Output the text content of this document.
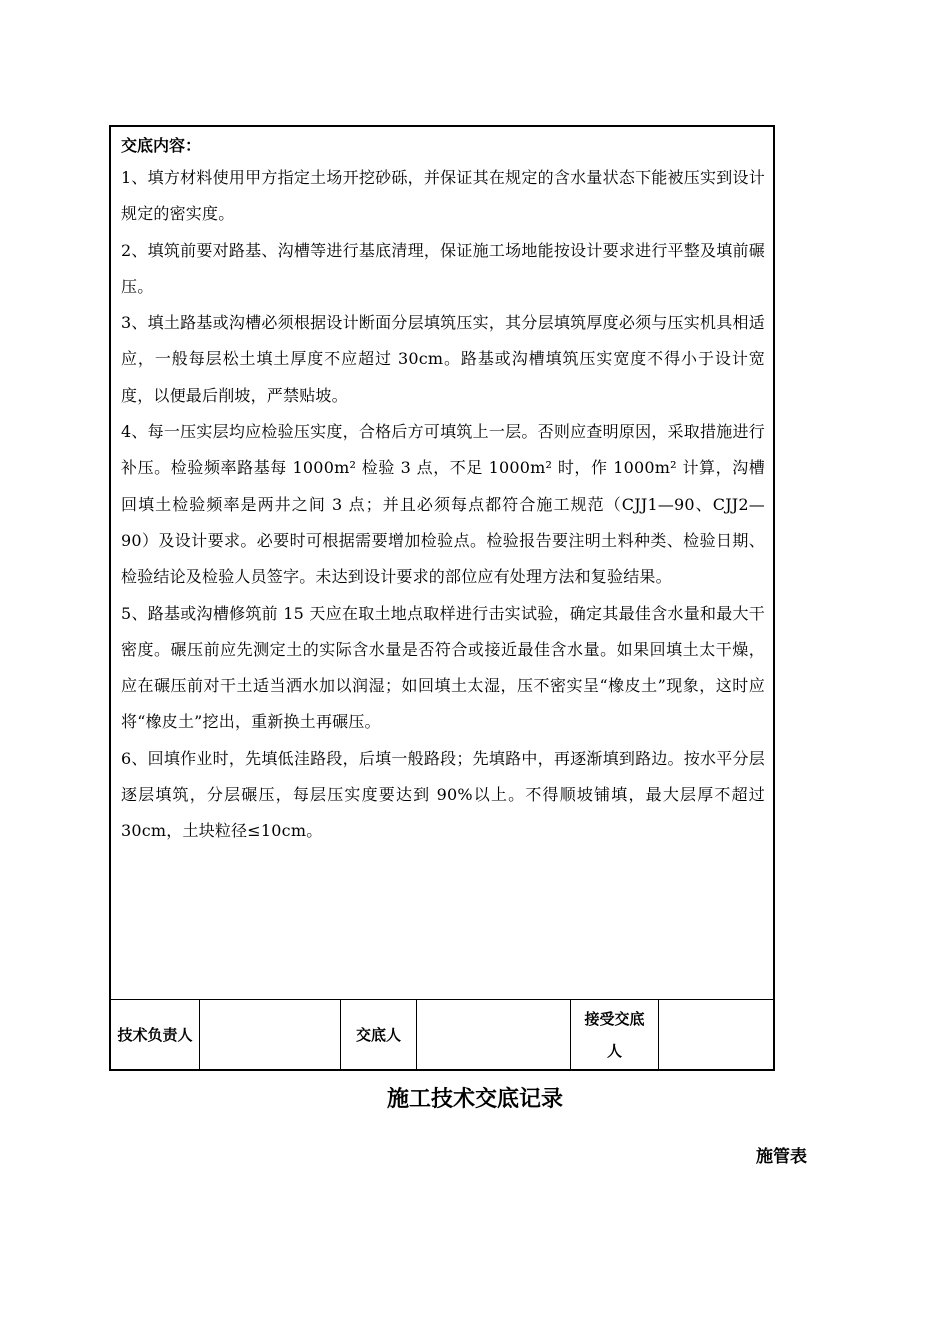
交底内容：

1、填方材料使用甲方指定土场开挖砂砾，并保证其在规定的含水量状态下能被压实到设计规定的密实度。

2、填筑前要对路基、沟槽等进行基底清理，保证施工场地能按设计要求进行平整及填前碾压。

3、填土路基或沟槽必须根据设计断面分层填筑压实，其分层填筑厚度必须与压实机具相适应，一般每层松土填土厚度不应超过 30cm。路基或沟槽填筑压实宽度不得小于设计宽度，以便最后削坡，严禁贴坡。

4、每一压实层均应检验压实度，合格后方可填筑上一层。否则应查明原因，采取措施进行补压。检验频率路基每 1000m² 检验 3 点，不足 1000m² 时，作 1000m² 计算，沟槽回填土检验频率是两井之间 3 点；并且必须每点都符合施工规范（CJJ1—90、CJJ2—90）及设计要求。必要时可根据需要增加检验点。检验报告要注明土料种类、检验日期、检验结论及检验人员签字。未达到设计要求的部位应有处理方法和复验结果。

5、路基或沟槽修筑前 15 天应在取土地点取样进行击实试验，确定其最佳含水量和最大干密度。碾压前应先测定土的实际含水量是否符合或接近最佳含水量。如果回填土太干燥，应在碾压前对干土适当洒水加以润湿；如回填土太湿，压不密实呈“橡皮土”现象，这时应将“橡皮土”挖出，重新换土再碾压。

6、回填作业时，先填低洼路段，后填一般路段；先填路中，再逐渐填到路边。按水平分层逐层填筑，分层碾压，每层压实度要达到 90%以上。不得顺坡铺填，最大层厚不超过 30cm，土块粒径≤10cm。

技术负责人	交底人
接受交底人
施工技术交底记录
施管表
